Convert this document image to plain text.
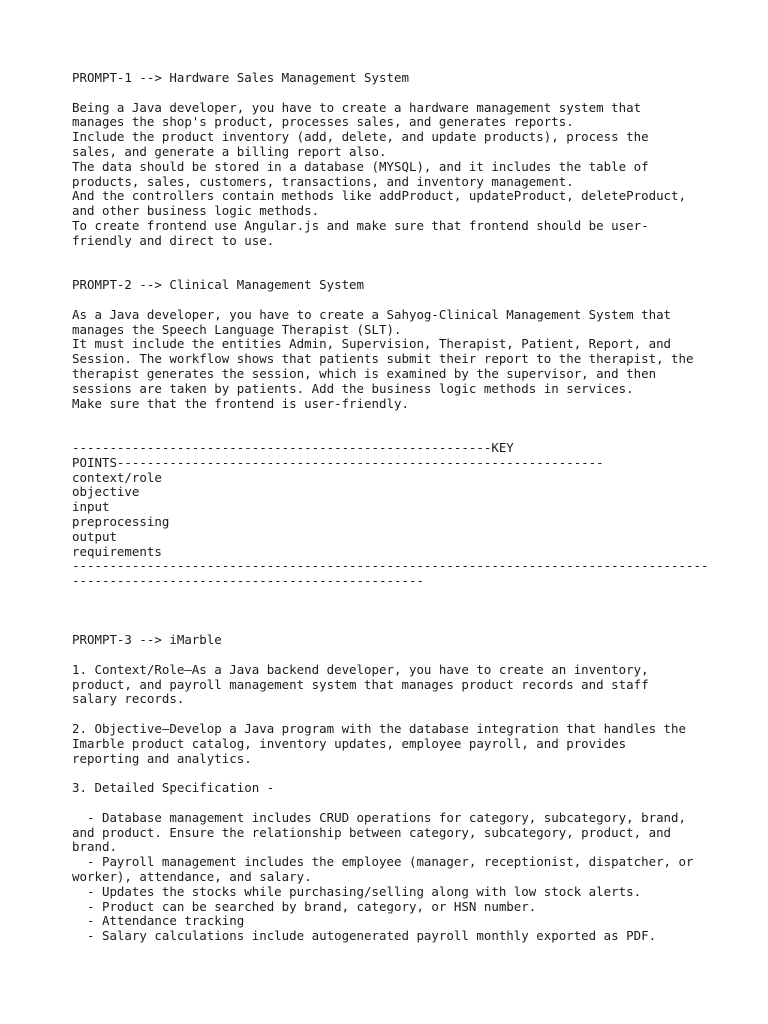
PROMPT-1 --> Hardware Sales Management System

Being a Java developer, you have to create a hardware management system that

manages the shop's product, processes sales, and generates reports.

Include the product inventory (add, delete, and update products), process the

sales, and generate a billing report also.

The data should be stored in a database (MYSQL), and it includes the table of

products, sales, customers, transactions, and inventory management.

And the controllers contain methods like addProduct, updateProduct, deleteProduct,

and other business logic methods.

To create frontend use Angular.js and make sure that frontend should be user-

friendly and direct to use.

PROMPT-2 --> Clinical Management System

As a Java developer, you have to create a Sahyog-Clinical Management System that

manages the Speech Language Therapist (SLT).

It must include the entities Admin, Supervision, Therapist, Patient, Report, and

Session. The workflow shows that patients submit their report to the therapist, the

therapist generates the session, which is examined by the supervisor, and then

sessions are taken by patients. Add the business logic methods in services.

Make sure that the frontend is user-friendly.

--------------------------------------------------------KEY

POINTS-----------------------------------------------------------------

context/role

objective

input

preprocessing

output

requirements

-------------------------------------------------------------------------------------

-----------------------------------------------

PROMPT-3 --> iMarble

1. Context/Role—As a Java backend developer, you have to create an inventory,

product, and payroll management system that manages product records and staff

salary records.

2. Objective—Develop a Java program with the database integration that handles the

Imarble product catalog, inventory updates, employee payroll, and provides

reporting and analytics.

3. Detailed Specification -

- Database management includes CRUD operations for category, subcategory, brand,

and product. Ensure the relationship between category, subcategory, product, and

brand.

- Payroll management includes the employee (manager, receptionist, dispatcher, or

worker), attendance, and salary.

- Updates the stocks while purchasing/selling along with low stock alerts.

- Product can be searched by brand, category, or HSN number.

- Attendance tracking

- Salary calculations include autogenerated payroll monthly exported as PDF.
